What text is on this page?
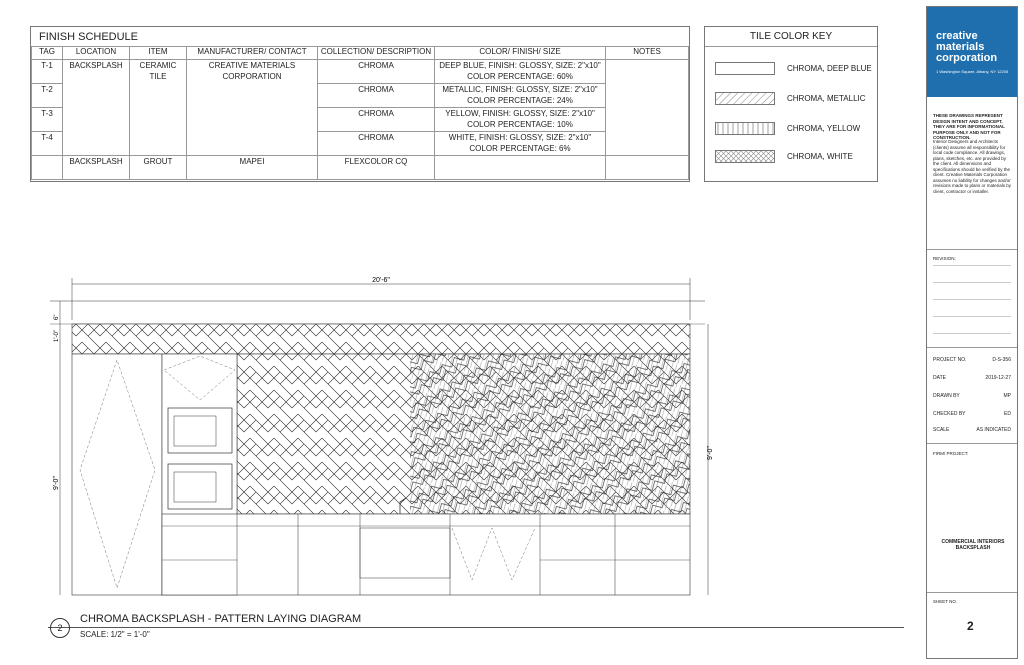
FINISH SCHEDULE
TAG	LOCATION	ITEM	MANUFACTURER/ CONTACT	COLLECTION/ DESCRIPTION	COLOR/ FINISH/ SIZE	NOTES
T-1	BACKSPLASH	CERAMIC TILE	CREATIVE MATERIALS CORPORATION	CHROMA	DEEP BLUE, FINISH: GLOSSY, SIZE: 2"x10"
COLOR PERCENTAGE: 60%	

T-2				CHROMA	METALLIC, FINISH: GLOSSY, SIZE: 2"x10"
COLOR PERCENTAGE: 24%	

T-3				CHROMA	YELLOW, FINISH: GLOSSY, SIZE: 2"x10"
COLOR PERCENTAGE: 10%	

T-4				CHROMA	WHITE, FINISH: GLOSSY, SIZE: 2"x10"
COLOR PERCENTAGE: 6%	

	BACKSPLASH	GROUT	MAPEI	FLEXCOLOR CQ		
TILE COLOR KEY
CHROMA, DEEP BLUE
CHROMA, METALLIC
CHROMA, YELLOW
CHROMA, WHITE
20'-6"
6"
1'-0"
9'-0"
9'-0"
2
CHROMA BACKSPLASH - PATTERN LAYING DIAGRAM
SCALE: 1/2" = 1'-0"
creative materials corporation
1 Washington Square, Albany, NY 12205
THESE DRAWINGS REPRESENT DESIGN INTENT AND CONCEPT. THEY ARE FOR INFORMATIONAL PURPOSE ONLY AND NOT FOR CONSTRUCTION.
Interior Designers and Architects (clients) assume all responsibility for local code compliance. All drawings, plans, sketches, etc. are provided by the client. All dimensions and specifications should be verified by the client. Creative Materials Corporation assumes no liability for changes and/or revisions made to plans or materials by client, contractor or installer.
REVISION:
PROJECT NO.	D-S-356
DATE	2019-12-27
DRAWN BY	MP
CHECKED BY	ED
SCALE	AS INDICATED
FIRM/ PROJECT:
COMMERCIAL INTERIORS BACKSPLASH
SHEET NO.
2
